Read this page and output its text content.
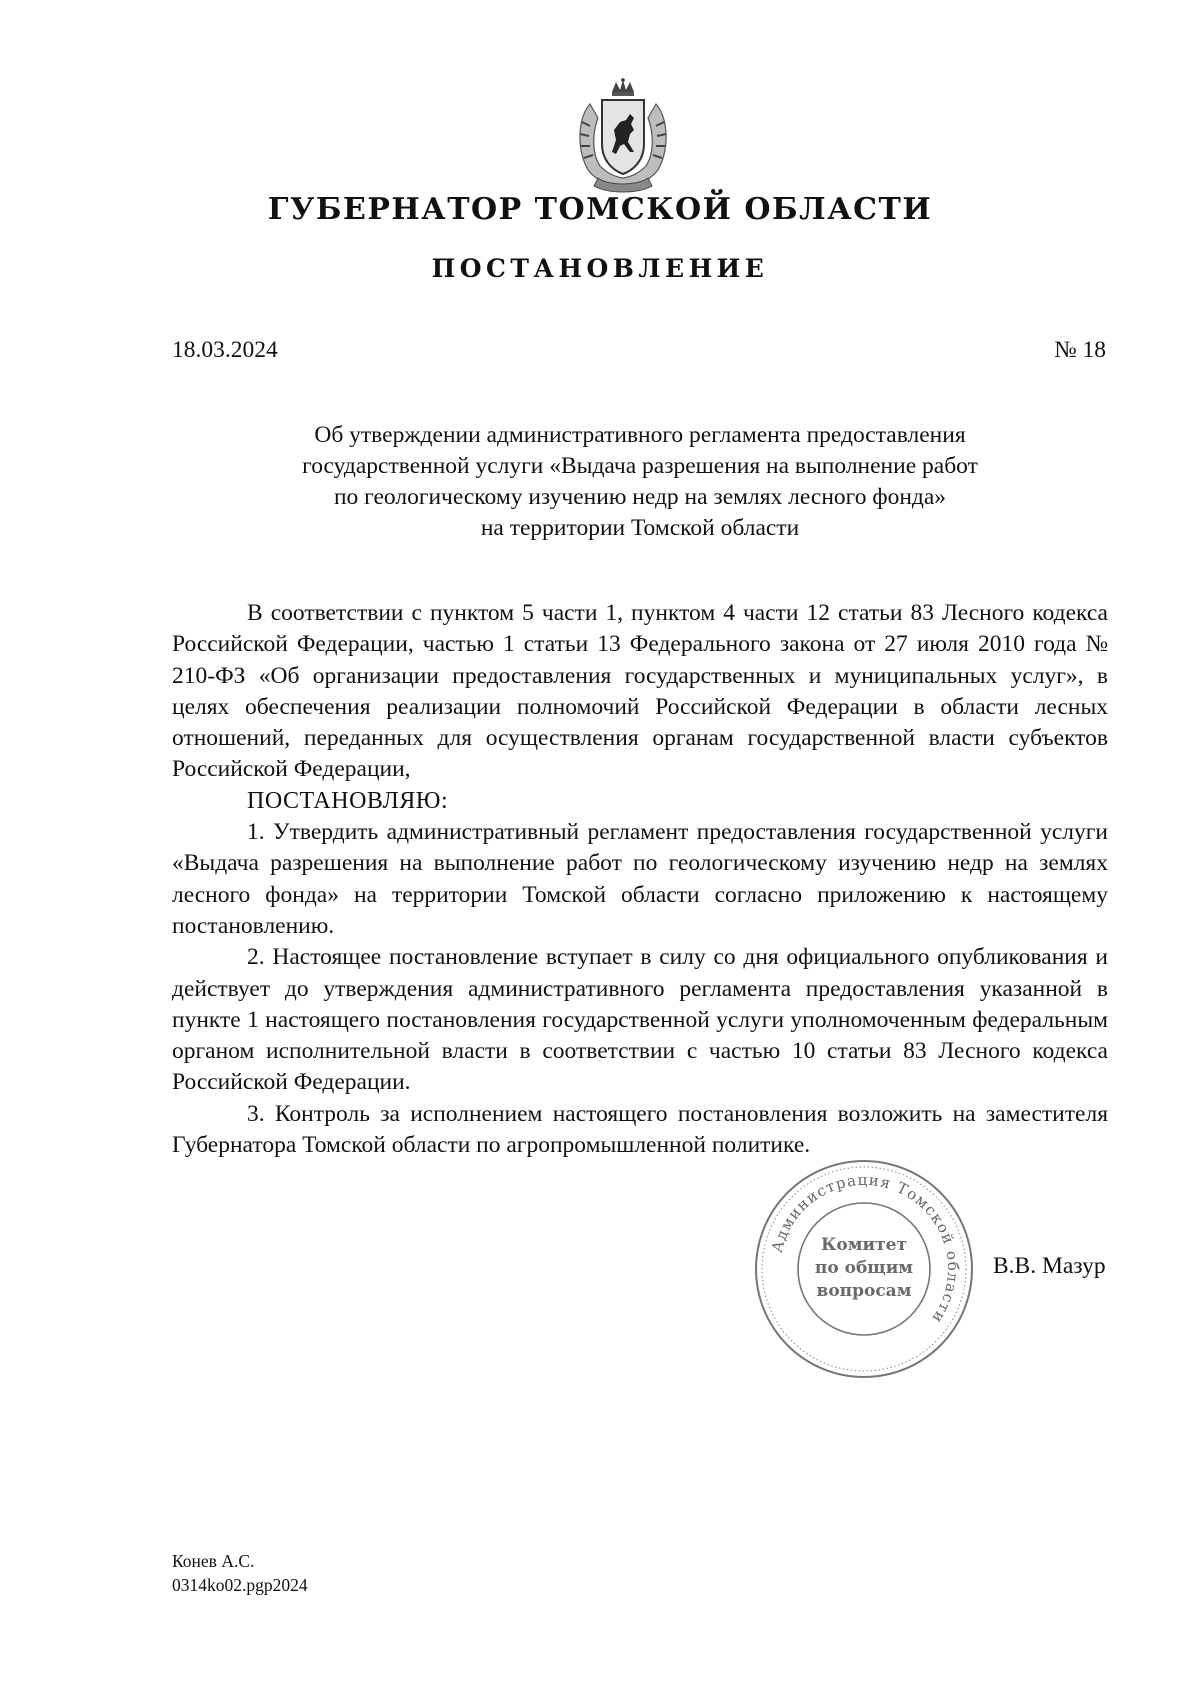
ГУБЕРНАТОР ТОМСКОЙ ОБЛАСТИ
ПОСТАНОВЛЕНИЕ
18.03.2024	№ 18
Об утверждении административного регламента предоставления
государственной услуги «Выдача разрешения на выполнение работ
по геологическому изучению недр на землях лесного фонда»
на территории Томской области

В соответствии с пунктом 5 части 1, пунктом 4 части 12 статьи 83 Лесного кодекса Российской Федерации, частью 1 статьи 13 Федерального закона от 27 июля 2010 года № 210-ФЗ «Об организации предоставления государственных и муниципальных услуг», в целях обеспечения реализации полномочий Российской Федерации в области лесных отношений, переданных для осуществления органам государственной власти субъектов Российской Федерации,

ПОСТАНОВЛЯЮ:

1. Утвердить административный регламент предоставления государственной услуги «Выдача разрешения на выполнение работ по геологическому изучению недр на землях лесного фонда» на территории Томской области согласно приложению к настоящему постановлению.

2. Настоящее постановление вступает в силу со дня официального опубликования и действует до утверждения административного регламента предоставления указанной в пункте 1 настоящего постановления государственной услуги уполномоченным федеральным органом исполнительной власти в соответствии с частью 10 статьи 83 Лесного кодекса Российской Федерации.

3. Контроль за исполнением настоящего постановления возложить на заместителя Губернатора Томской области по агропромышленной политике.

Администрация Томской области
Комитет
по общим
вопросам
В.В. Мазур
Конев А.С.
0314ko02.pgp2024
